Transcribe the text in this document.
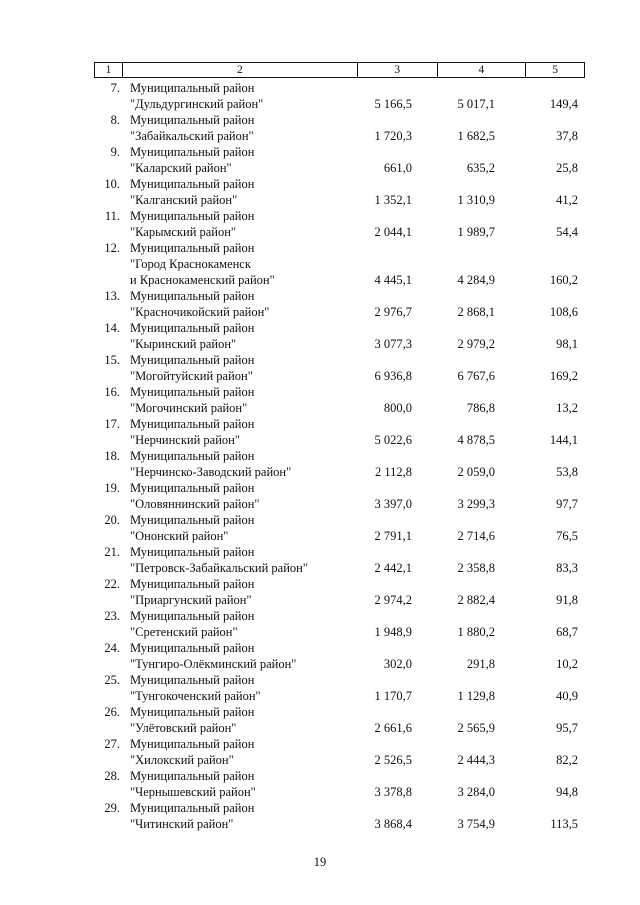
1	2	3	4	5
7. Муниципальный район
"Дульдургинский район"	5 166,5	5 017,1	149,4
8. Муниципальный район
"Забайкальский район"	1 720,3	1 682,5	37,8
9. Муниципальный район
"Каларский район"	661,0	635,2	25,8
10. Муниципальный район
"Калганский район"	1 352,1	1 310,9	41,2
11. Муниципальный район
"Карымский район"	2 044,1	1 989,7	54,4
12. Муниципальный район
"Город Краснокаменск
и Краснокаменский район"	4 445,1	4 284,9	160,2
13. Муниципальный район
"Красночикойский район"	2 976,7	2 868,1	108,6
14. Муниципальный район
"Кыринский район"	3 077,3	2 979,2	98,1
15. Муниципальный район
"Могойтуйский район"	6 936,8	6 767,6	169,2
16. Муниципальный район
"Могочинский район"	800,0	786,8	13,2
17. Муниципальный район
"Нерчинский район"	5 022,6	4 878,5	144,1
18. Муниципальный район
"Нерчинско-Заводский район"	2 112,8	2 059,0	53,8
19. Муниципальный район
"Оловяннинский район"	3 397,0	3 299,3	97,7
20. Муниципальный район
"Ононский район"	2 791,1	2 714,6	76,5
21. Муниципальный район
"Петровск-Забайкальский район"	2 442,1	2 358,8	83,3
22. Муниципальный район
"Приаргунский район"	2 974,2	2 882,4	91,8
23. Муниципальный район
"Сретенский район"	1 948,9	1 880,2	68,7
24. Муниципальный район
"Тунгиро-Олёкминский район"	302,0	291,8	10,2
25. Муниципальный район
"Тунгокоченский район"	1 170,7	1 129,8	40,9
26. Муниципальный район
"Улётовский район"	2 661,6	2 565,9	95,7
27. Муниципальный район
"Хилокский район"	2 526,5	2 444,3	82,2
28. Муниципальный район
"Чернышевский район"	3 378,8	3 284,0	94,8
29. Муниципальный район
"Читинский район"	3 868,4	3 754,9	113,5
19
